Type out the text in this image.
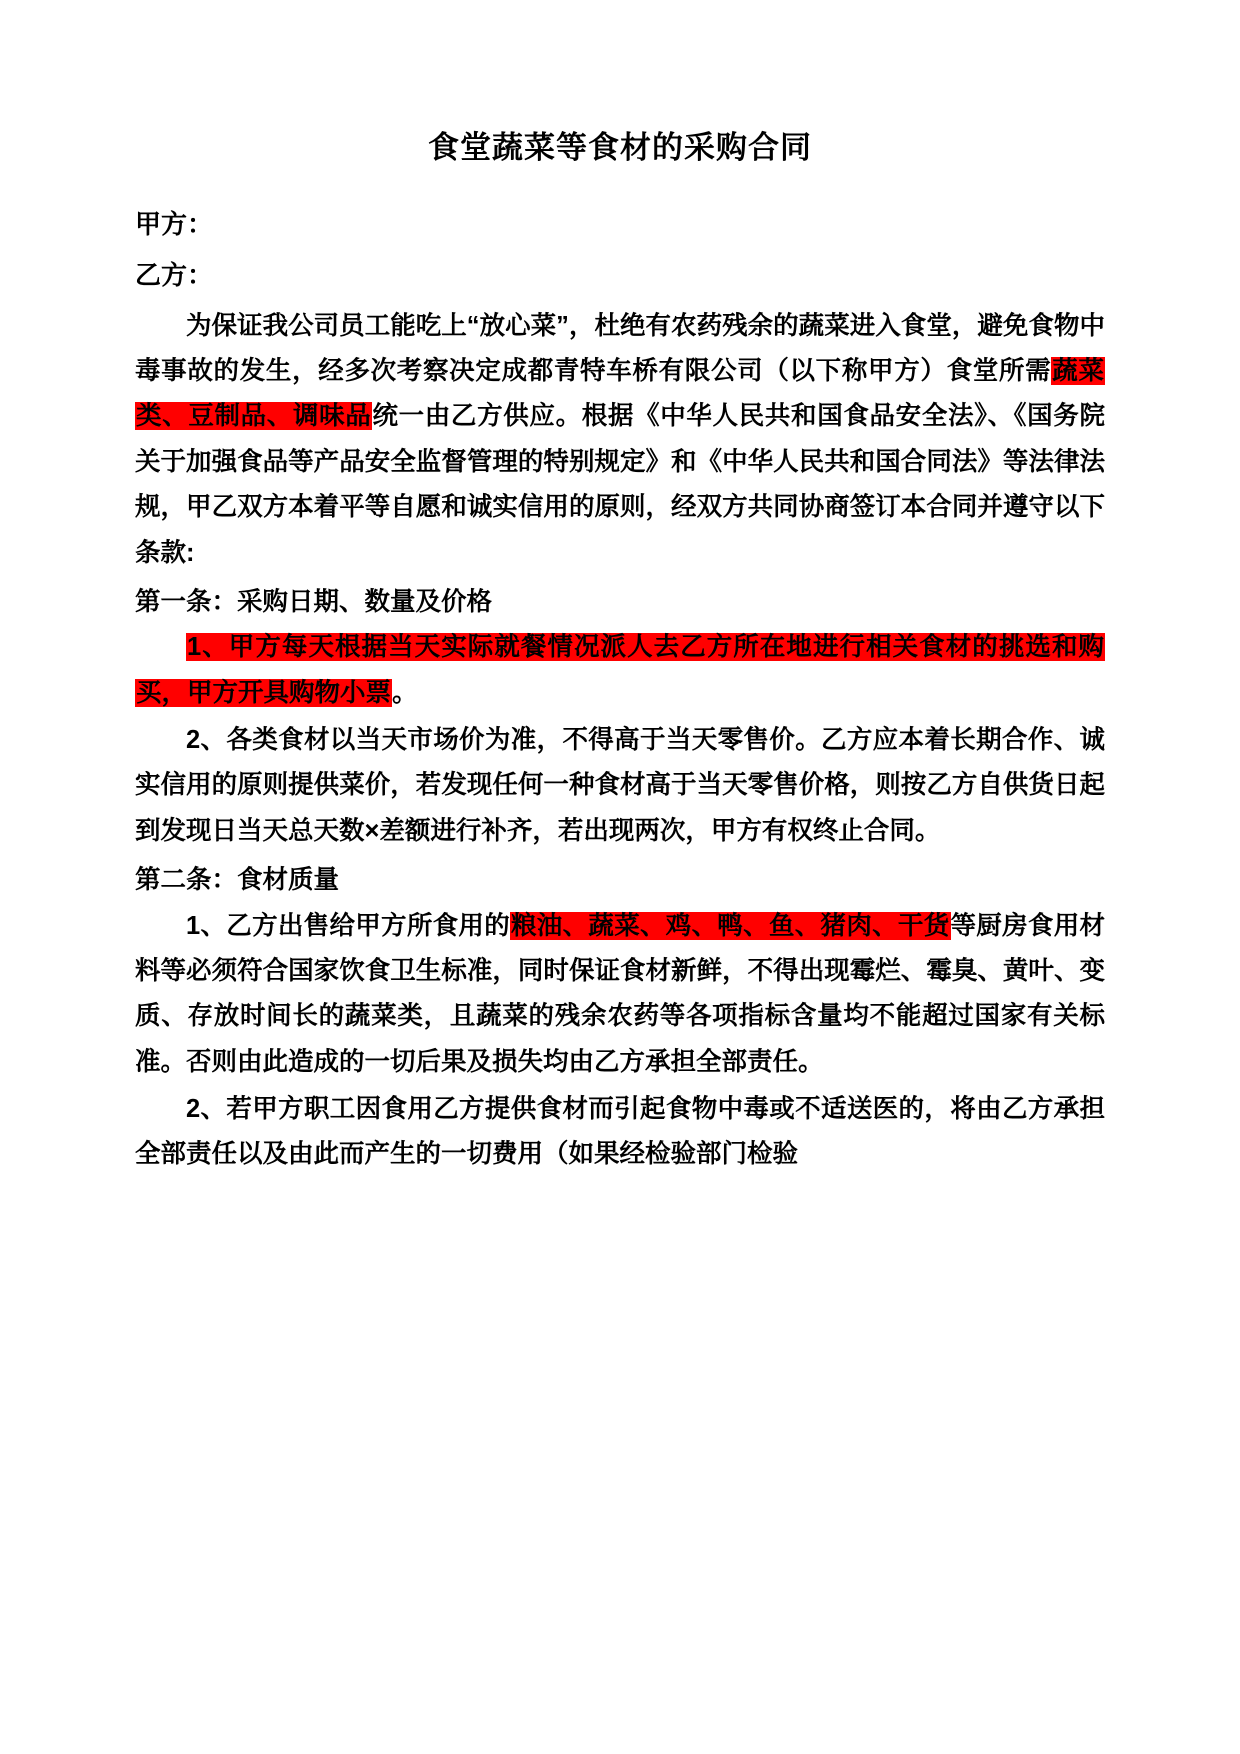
食堂蔬菜等食材的采购合同

甲方：

乙方：

为保证我公司员工能吃上“放心菜”，杜绝有农药残余的蔬菜进入食堂，避免食物中毒事故的发生，经多次考察决定成都青特车桥有限公司（以下称甲方）食堂所需蔬菜类、豆制品、调味品统一由乙方供应。根据《中华人民共和国食品安全法》、《国务院关于加强食品等产品安全监督管理的特别规定》和《中华人民共和国合同法》等法律法规，甲乙双方本着平等自愿和诚实信用的原则，经双方共同协商签订本合同并遵守以下条款:

第一条：采购日期、数量及价格

1、甲方每天根据当天实际就餐情况派人去乙方所在地进行相关食材的挑选和购买，甲方开具购物小票。

2、各类食材以当天市场价为准，不得高于当天零售价。乙方应本着长期合作、诚实信用的原则提供菜价，若发现任何一种食材高于当天零售价格，则按乙方自供货日起到发现日当天总天数×差额进行补齐，若出现两次，甲方有权终止合同。

第二条：食材质量

1、乙方出售给甲方所食用的粮油、蔬菜、鸡、鸭、鱼、猪肉、干货等厨房食用材料等必须符合国家饮食卫生标准，同时保证食材新鲜，不得出现霉烂、霉臭、黄叶、变质、存放时间长的蔬菜类，且蔬菜的残余农药等各项指标含量均不能超过国家有关标准。否则由此造成的一切后果及损失均由乙方承担全部责任。

2、若甲方职工因食用乙方提供食材而引起食物中毒或不适送医的，将由乙方承担全部责任以及由此而产生的一切费用（如果经检验部门检验
